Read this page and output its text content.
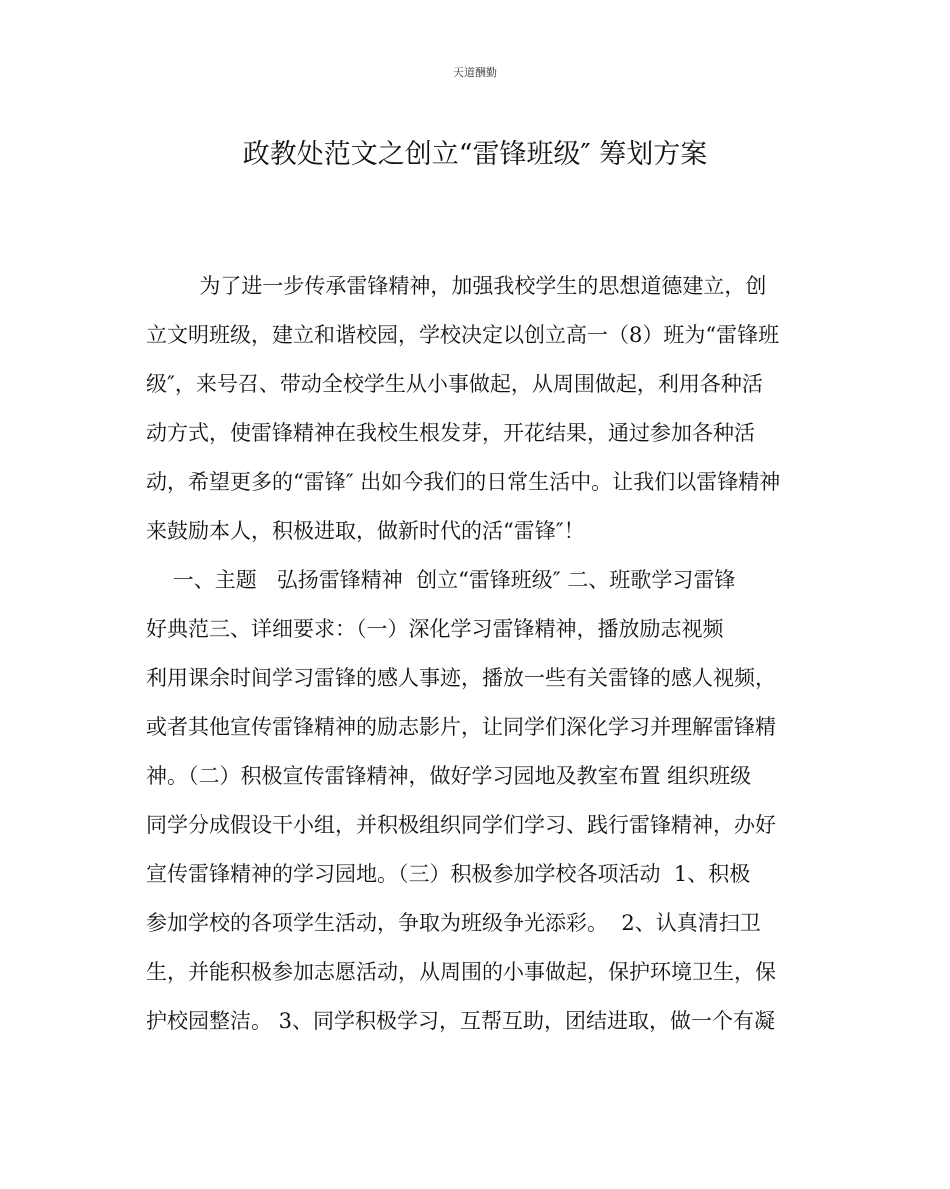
天道酬勤
政教处范文之创立“雷锋班级″ 筹划方案
为了进一步传承雷锋精神，加强我校学生的思想道德建立，创
立文明班级，建立和谐校园，学校决定以创立高一（8）班为“雷锋班
级″，来号召、带动全校学生从小事做起，从周围做起，利用各种活
动方式，使雷锋精神在我校生根发芽，开花结果，通过参加各种活
动，希望更多的“雷锋″ 出如今我们的日常生活中。让我们以雷锋精神
来鼓励本人，积极进取，做新时代的活“雷锋″！
一、主题   弘扬雷锋精神  创立“雷锋班级″ 二、班歌学习雷锋
好典范三、详细要求：（一）深化学习雷锋精神，播放励志视频
利用课余时间学习雷锋的感人事迹，播放一些有关雷锋的感人视频，
或者其他宣传雷锋精神的励志影片，让同学们深化学习并理解雷锋精
神。（二）积极宣传雷锋精神，做好学习园地及教室布置 组织班级
同学分成假设干小组，并积极组织同学们学习、践行雷锋精神，办好
宣传雷锋精神的学习园地。（三）积极参加学校各项活动  1、积极
参加学校的各项学生活动，争取为班级争光添彩。  2、认真清扫卫
生，并能积极参加志愿活动，从周围的小事做起，保护环境卫生，保
护校园整洁。 3、同学积极学习，互帮互助，团结进取，做一个有凝
